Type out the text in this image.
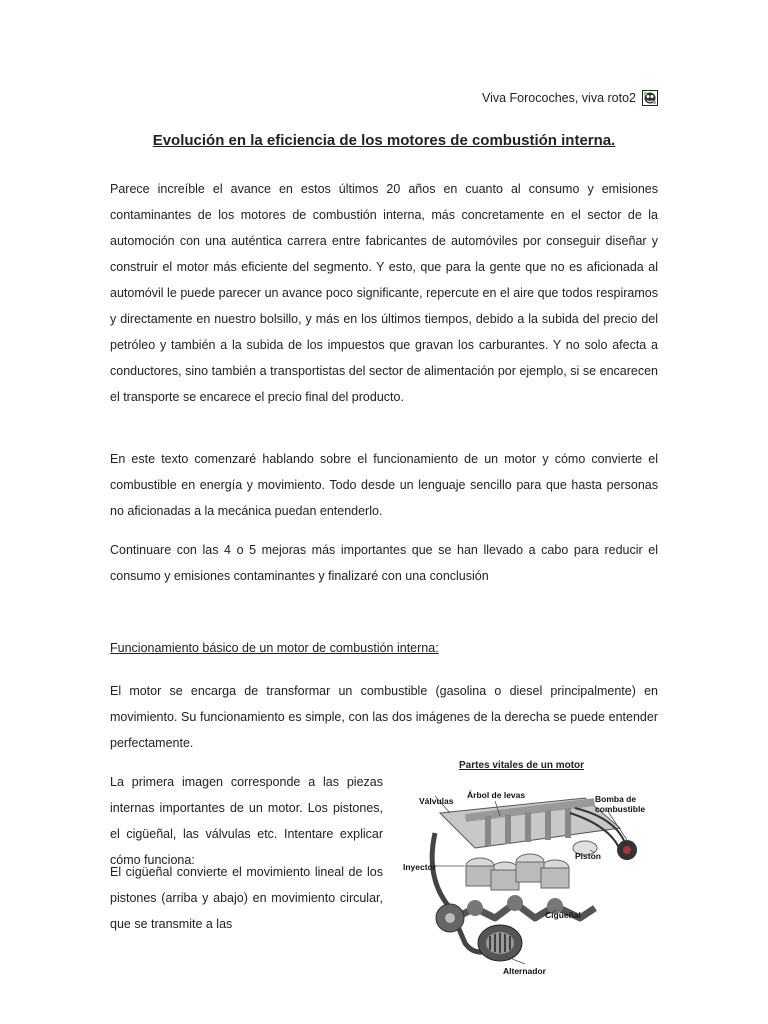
Viva Forocoches, viva roto2
Evolución en la eficiencia de los motores de combustión interna.
Parece increíble el avance en estos últimos 20 años en cuanto al consumo y emisiones contaminantes de los motores de combustión interna, más concretamente en el sector de la automoción con una auténtica carrera entre fabricantes de automóviles por conseguir diseñar y construir el motor más eficiente del segmento. Y esto, que para la gente que no es aficionada al automóvil le puede parecer un avance poco significante, repercute en el aire que todos respiramos y directamente en nuestro bolsillo, y más en los últimos tiempos, debido a la subida del precio del petróleo y también a la subida de los impuestos que gravan los carburantes. Y no solo afecta a conductores, sino también a transportistas del sector de alimentación por ejemplo, si se encarecen el transporte se encarece el precio final del producto.
En este texto comenzaré hablando sobre el funcionamiento de un motor y cómo convierte el combustible en energía y movimiento. Todo desde un lenguaje sencillo para que hasta personas no aficionadas a la mecánica puedan entenderlo.
Continuare con las 4 o 5 mejoras más importantes que se han llevado a cabo para reducir el consumo y emisiones contaminantes y finalizaré con una conclusión
Funcionamiento básico de un motor de combustión interna:
El motor se encarga de transformar un combustible (gasolina o diesel principalmente) en movimiento. Su funcionamiento es simple, con las dos imágenes de la derecha se puede entender perfectamente.
La primera imagen corresponde a las piezas internas importantes de un motor. Los pistones, el cigüeñal, las válvulas etc. Intentare explicar cómo funciona:
El cigüeñal convierte el movimiento lineal de los pistones (arriba y abajo) en movimiento circular, que se transmite a las
Partes vitales de un motor
Válvulas
Árbol de levas	Bomba de combustible
Piston
Inyector
Cigüeñal
Alternador
